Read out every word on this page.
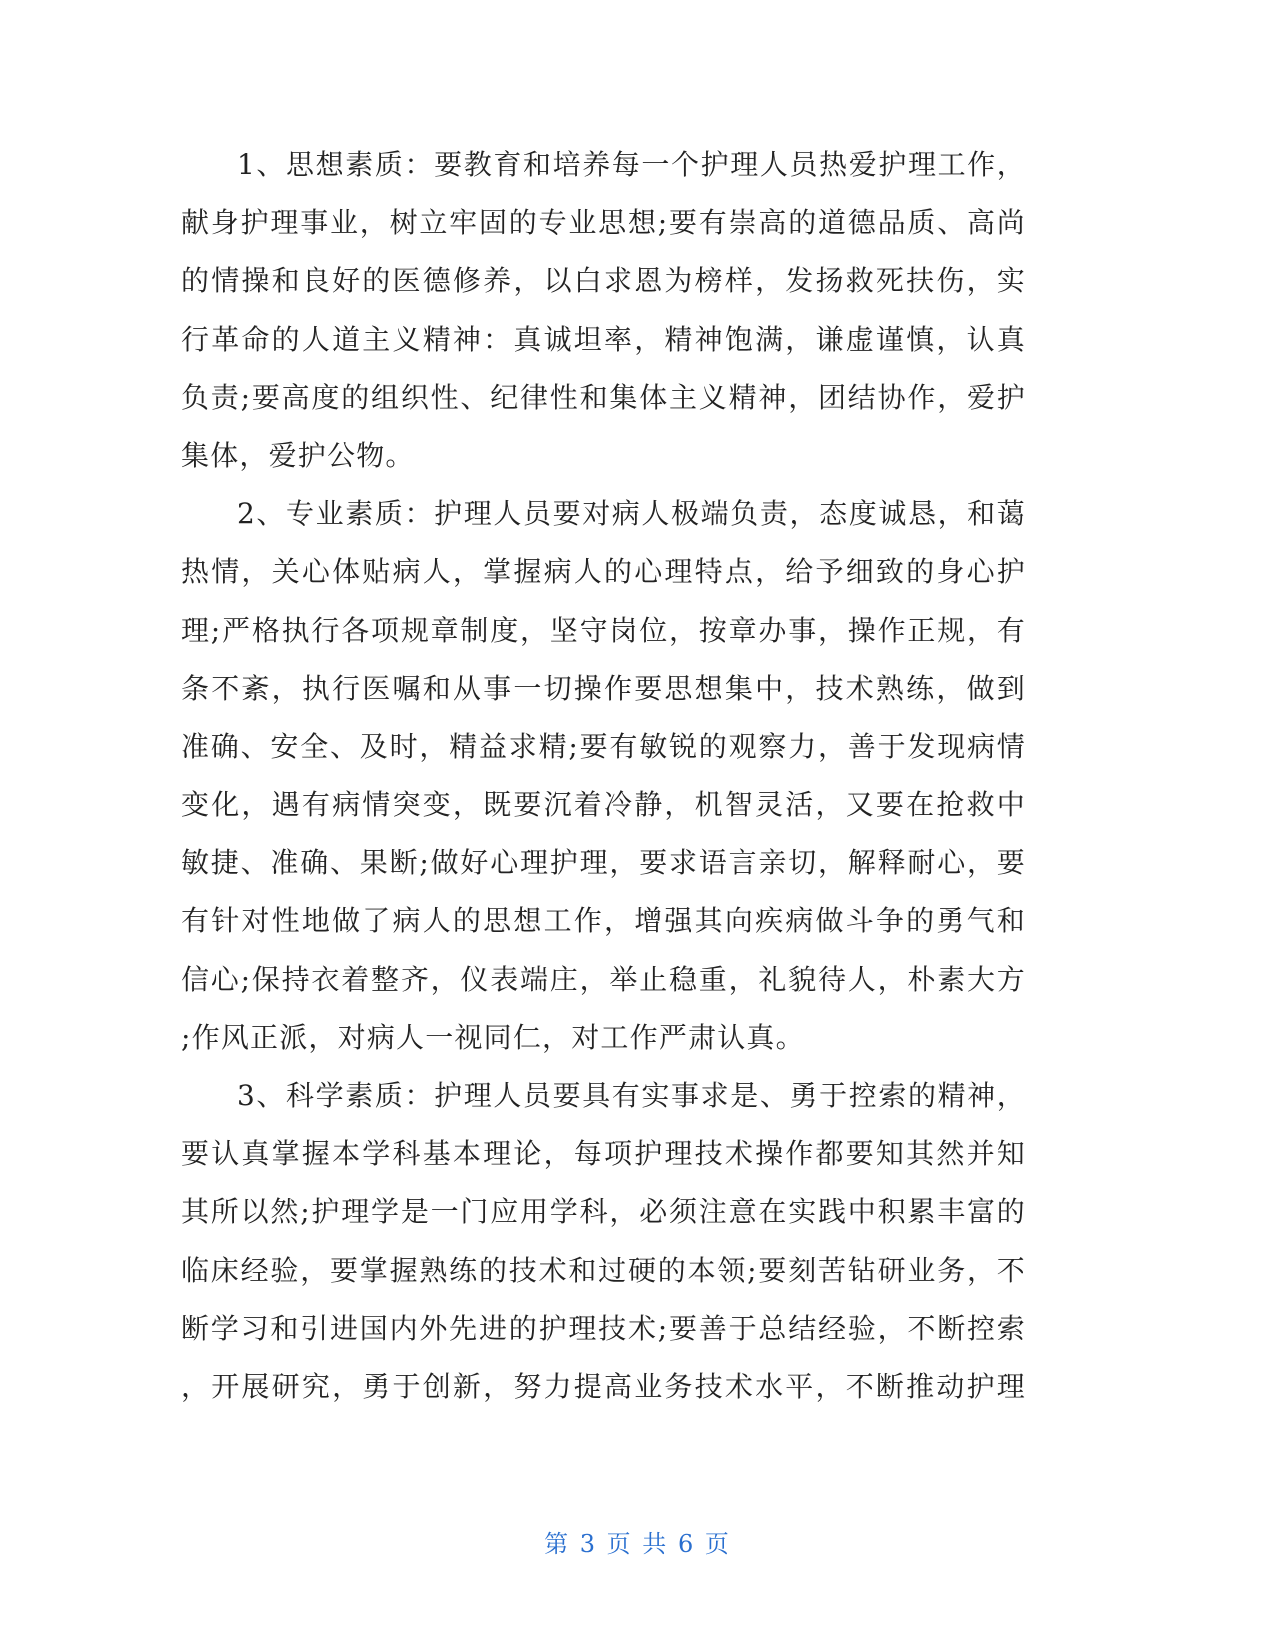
1、思想素质：要教育和培养每一个护理人员热爱护理工作，
献身护理事业，树立牢固的专业思想;要有崇高的道德品质、高尚
的情操和良好的医德修养，以白求恩为榜样，发扬救死扶伤，实
行革命的人道主义精神：真诚坦率，精神饱满，谦虚谨慎，认真
负责;要高度的组织性、纪律性和集体主义精神，团结协作，爱护
集体，爱护公物。
2、专业素质：护理人员要对病人极端负责，态度诚恳，和蔼
热情，关心体贴病人，掌握病人的心理特点，给予细致的身心护
理;严格执行各项规章制度，坚守岗位，按章办事，操作正规，有
条不紊，执行医嘱和从事一切操作要思想集中，技术熟练，做到
准确、安全、及时，精益求精;要有敏锐的观察力，善于发现病情
变化，遇有病情突变，既要沉着冷静，机智灵活，又要在抢救中
敏捷、准确、果断;做好心理护理，要求语言亲切，解释耐心，要
有针对性地做了病人的思想工作，增强其向疾病做斗争的勇气和
信心;保持衣着整齐，仪表端庄，举止稳重，礼貌待人，朴素大方
;作风正派，对病人一视同仁，对工作严肃认真。
3、科学素质：护理人员要具有实事求是、勇于控索的精神，
要认真掌握本学科基本理论，每项护理技术操作都要知其然并知
其所以然;护理学是一门应用学科，必须注意在实践中积累丰富的
临床经验，要掌握熟练的技术和过硬的本领;要刻苦钻研业务，不
断学习和引进国内外先进的护理技术;要善于总结经验，不断控索
，开展研究，勇于创新，努力提高业务技术水平，不断推动护理
第 3 页 共 6 页
